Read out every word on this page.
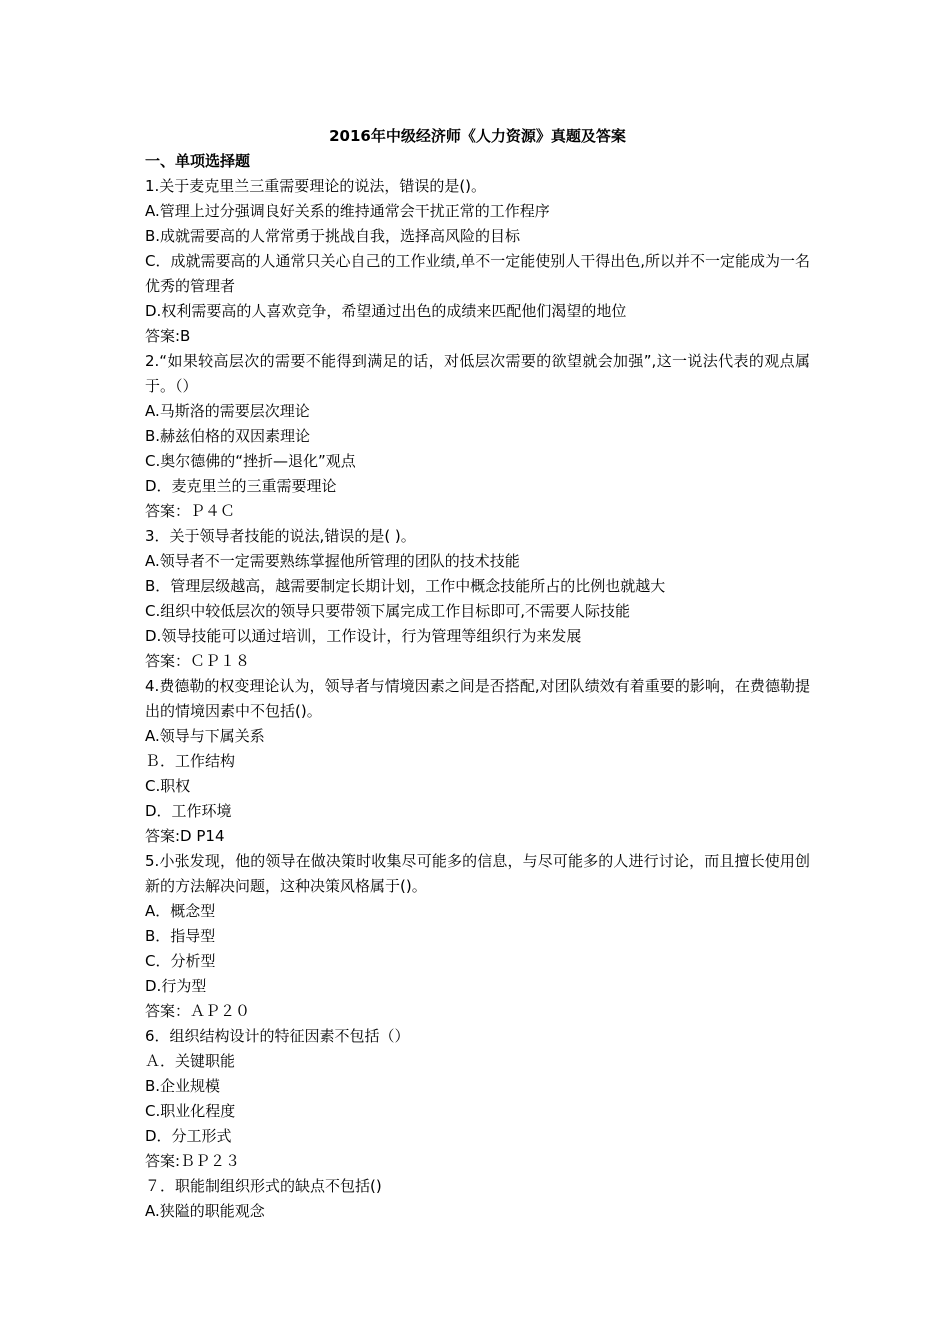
2016年中级经济师《人力资源》真题及答案
一、单项选择题
1.关于麦克里兰三重需要理论的说法，错误的是()。
A.管理上过分强调良好关系的维持通常会干扰正常的工作程序
B.成就需要高的人常常勇于挑战自我，选择高风险的目标
C．成就需要高的人通常只关心自己的工作业绩,单不一定能使别人干得出色,所以并不一定能成为一名优秀的管理者
D.权利需要高的人喜欢竞争，希望通过出色的成绩来匹配他们渴望的地位
答案:B
2.“如果较高层次的需要不能得到满足的话，对低层次需要的欲望就会加强”,这一说法代表的观点属于。（）
A.马斯洛的需要层次理论
B.赫兹伯格的双因素理论
C.奥尔德佛的“挫折—退化”观点
D．麦克里兰的三重需要理论
答案：Ｐ４Ｃ
3．关于领导者技能的说法,错误的是( )。
A.领导者不一定需要熟练掌握他所管理的团队的技术技能
B．管理层级越高，越需要制定长期计划，工作中概念技能所占的比例也就越大
C.组织中较低层次的领导只要带领下属完成工作目标即可,不需要人际技能
D.领导技能可以通过培训，工作设计，行为管理等组织行为来发展
答案：ＣＰ１８
4.费德勒的权变理论认为，领导者与情境因素之间是否搭配,对团队绩效有着重要的影响，在费德勒提出的情境因素中不包括()。
A.领导与下属关系
Ｂ．工作结构
C.职权
D．工作环境
答案:D P14
5.小张发现，他的领导在做决策时收集尽可能多的信息，与尽可能多的人进行讨论，而且擅长使用创新的方法解决问题，这种决策风格属于()。
A．概念型
B．指导型
C．分析型
D.行为型
答案：ＡＰ２０
6．组织结构设计的特征因素不包括（）
Ａ．关键职能
B.企业规模
C.职业化程度
D．分工形式
答案:ＢＰ２３
７．职能制组织形式的缺点不包括()
A.狭隘的职能观念
